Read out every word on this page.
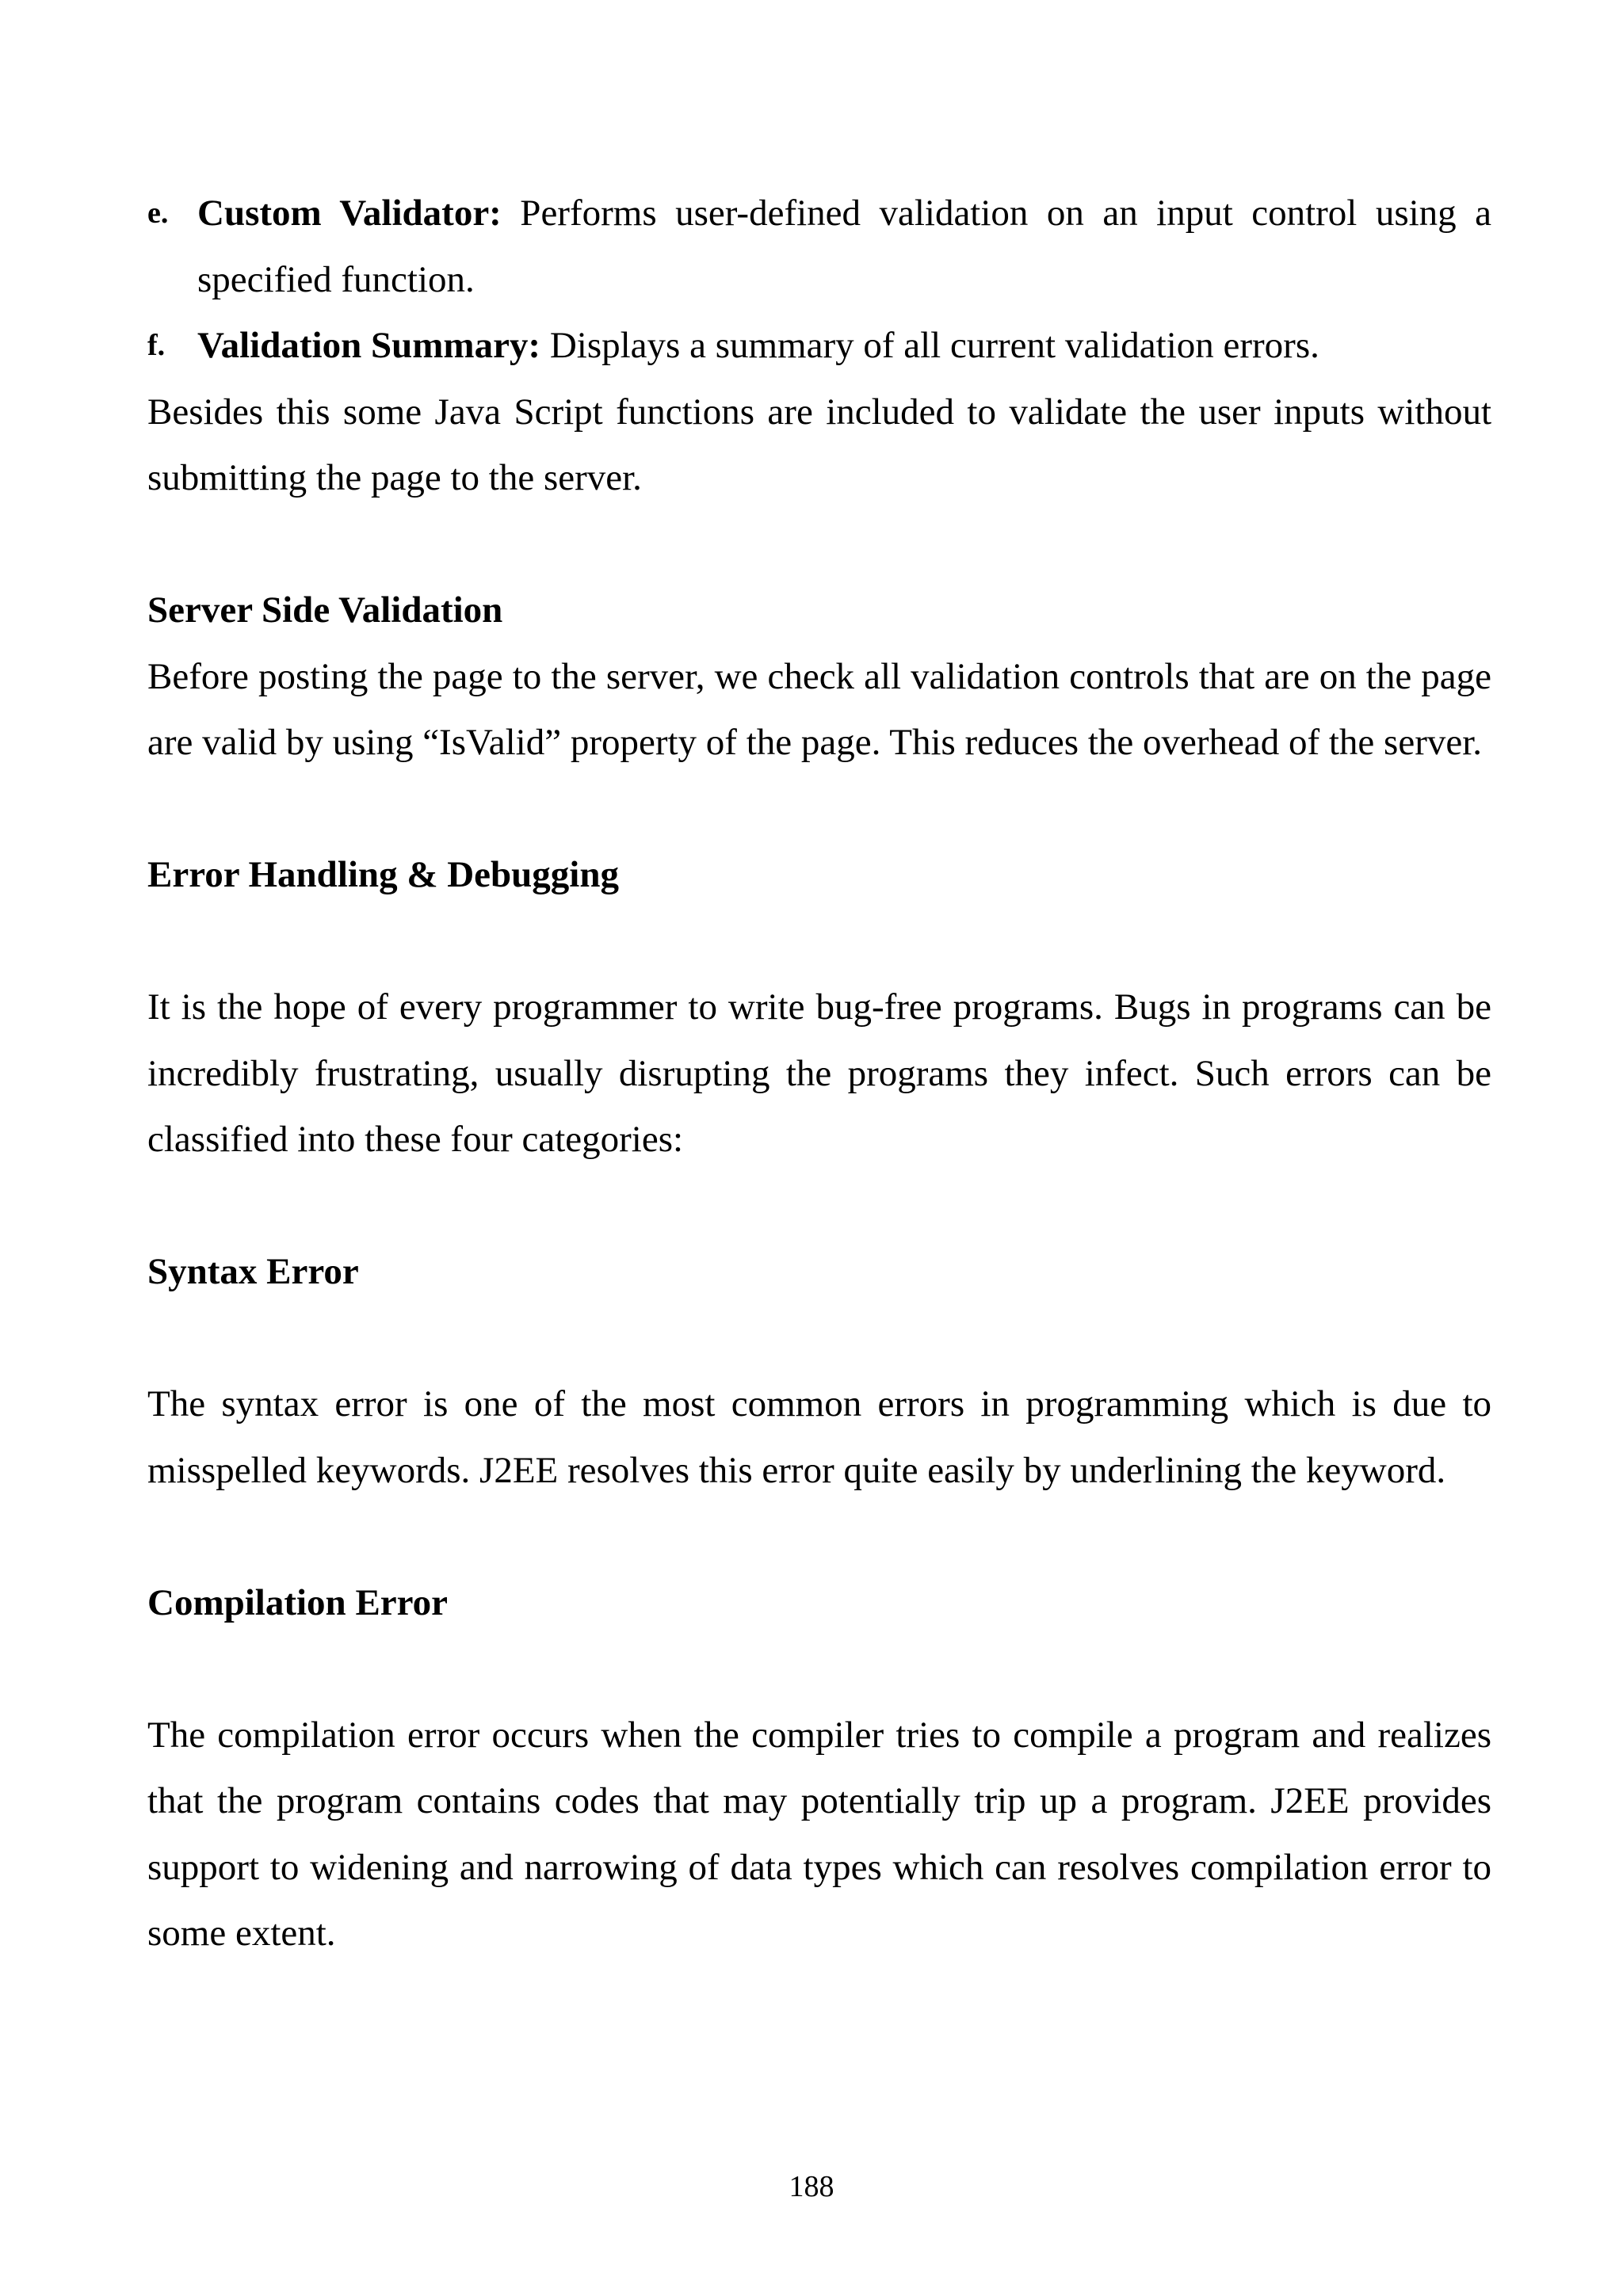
e. Custom Validator: Performs user-defined validation on an input control using a specified function.
f. Validation Summary: Displays a summary of all current validation errors.

Besides this some Java Script functions are included to validate the user inputs without submitting the page to the server.

Server Side Validation

Before posting the page to the server, we check all validation controls that are on the page are valid by using “IsValid” property of the page. This reduces the overhead of the server.

Error Handling & Debugging

It is the hope of every programmer to write bug-free programs. Bugs in programs can be incredibly frustrating, usually disrupting the programs they infect. Such errors can be classified into these four categories:

Syntax Error

The syntax error is one of the most common errors in programming which is due to misspelled keywords. J2EE resolves this error quite easily by underlining the keyword.

Compilation Error

The compilation error occurs when the compiler tries to compile a program and realizes that the program contains codes that may potentially trip up a program. J2EE provides support to widening and narrowing of data types which can resolves compilation error to some extent.

188
